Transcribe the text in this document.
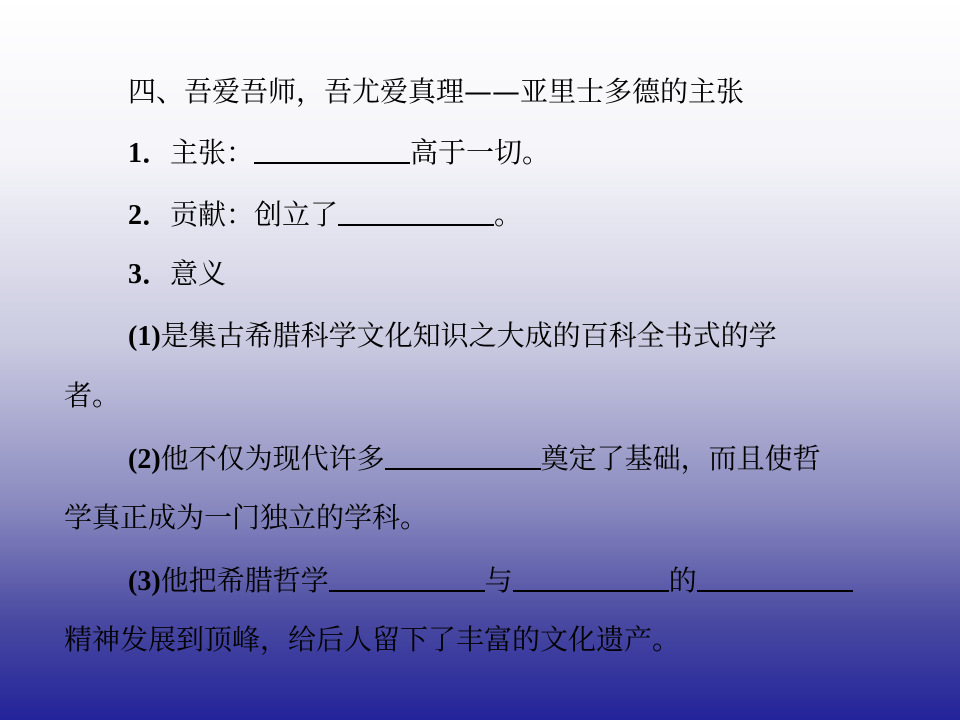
四、吾爱吾师，吾尤爱真理——亚里士多德的主张
1．主张：	高于一切。
2．贡献：创立了	。
3．意义
(1)是集古希腊科学文化知识之大成的百科全书式的学
者。
(2)他不仅为现代许多	奠定了基础，而且使哲
学真正成为一门独立的学科。
(3)他把希腊哲学	与	的
精神发展到顶峰，给后人留下了丰富的文化遗产。
